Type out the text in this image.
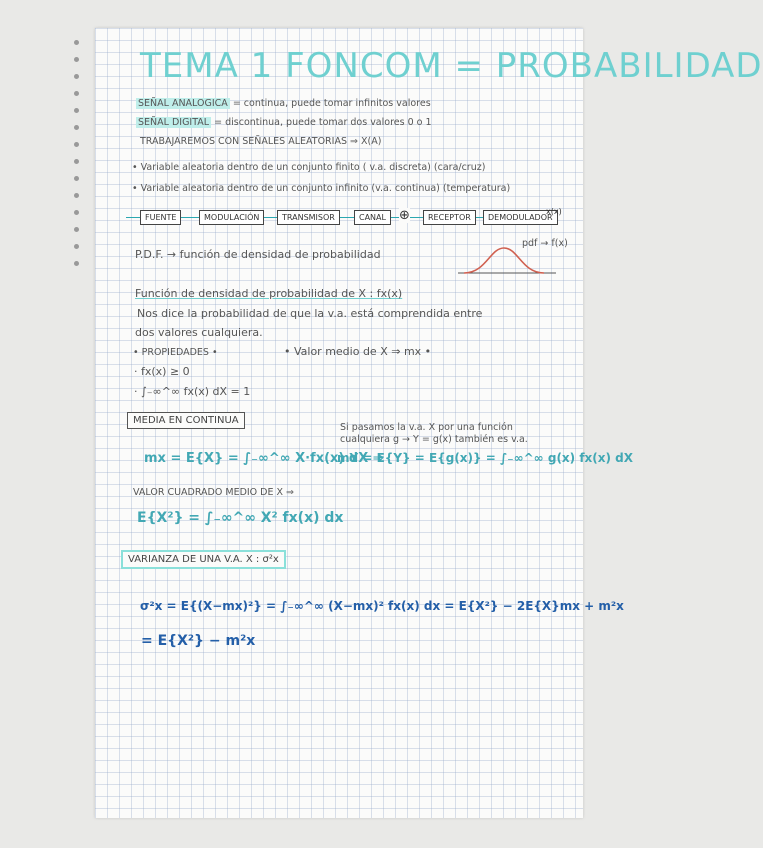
TEMA 1 FONCOM = PROBABILIDAD
SEÑAL ANALOGICA = continua, puede tomar infinitos valores
SEÑAL DIGITAL = discontinua, puede tomar dos valores 0 o 1
TRABAJAREMOS CON SEÑALES ALEATORIAS ⇒ X(A)
• Variable aleatoria dentro de un conjunto finito ( v.a. discreta) (cara/cruz)
• Variable aleatoria dentro de un conjunto infinito (v.a. continua) (temperatura)
FUENTE	MODULACIÓN	TRANSMISOR	CANAL	⊕	RECEPTOR	DEMODULADOR
x(x)
P.D.F. → función de densidad de probabilidad
pdf → f(x)
Función de densidad de probabilidad de X : fx(x)
Nos dice la probabilidad de que la v.a. está comprendida entre
dos valores cualquiera.
• PROPIEDADES •	• Valor medio de X ⇒ mx •
· fx(x) ≥ 0
· ∫₋∞^∞ fx(x) dX = 1
MEDIA EN CONTINUA
Si pasamos la v.a. X por una función
cualquiera g → Y = g(x) también es v.a.
mx = E{X} = ∫₋∞^∞ X·fx(x) dX ⇒
mY = E{Y} = E{g(x)} = ∫₋∞^∞ g(x) fx(x) dX
VALOR CUADRADO MEDIO DE X ⇒
E{X²} = ∫₋∞^∞ X² fx(x) dx
VARIANZA DE UNA V.A. X : σ²x
σ²x = E{(X−mx)²} = ∫₋∞^∞ (X−mx)² fx(x) dx = E{X²} − 2E{X}mx + m²x
= E{X²} − m²x
